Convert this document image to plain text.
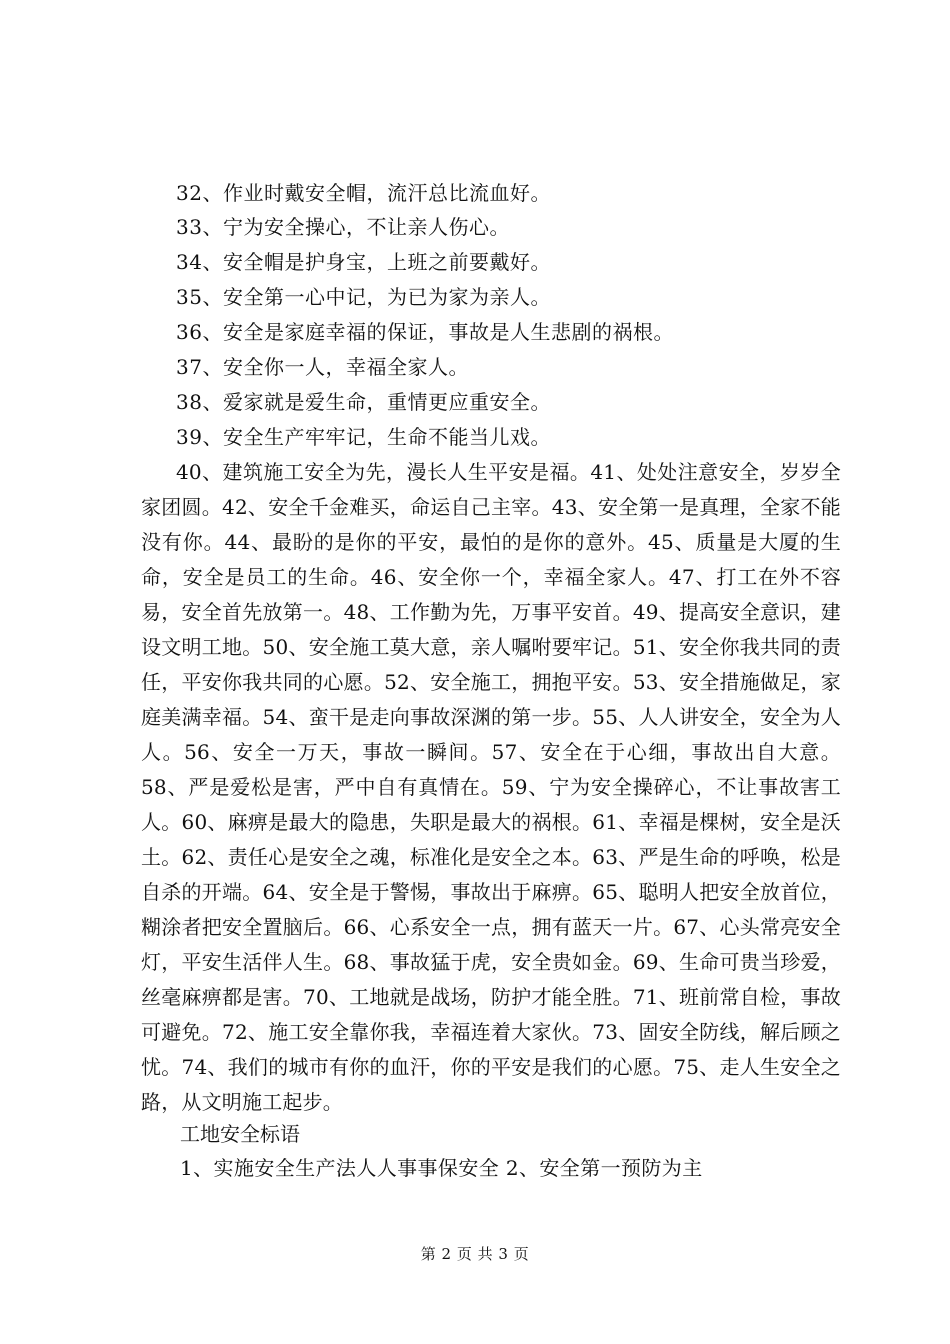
32、作业时戴安全帽，流汗总比流血好。
33、宁为安全操心，不让亲人伤心。
34、安全帽是护身宝，上班之前要戴好。
35、安全第一心中记，为已为家为亲人。
36、安全是家庭幸福的保证，事故是人生悲剧的祸根。
37、安全你一人，幸福全家人。
38、爱家就是爱生命，重情更应重安全。
39、安全生产牢牢记，生命不能当儿戏。
40、建筑施工安全为先，漫长人生平安是福。41、处处注意安全，岁岁全家团圆。42、安全千金难买，命运自己主宰。43、安全第一是真理，全家不能没有你。44、最盼的是你的平安，最怕的是你的意外。45、质量是大厦的生命，安全是员工的生命。46、安全你一个，幸福全家人。47、打工在外不容易，安全首先放第一。48、工作勤为先，万事平安首。49、提高安全意识，建设文明工地。50、安全施工莫大意，亲人嘱咐要牢记。51、安全你我共同的责任，平安你我共同的心愿。52、安全施工，拥抱平安。53、安全措施做足，家庭美满幸福。54、蛮干是走向事故深渊的第一步。55、人人讲安全，安全为人人。56、安全一万天，事故一瞬间。57、安全在于心细，事故出自大意。58、严是爱松是害，严中自有真情在。59、宁为安全操碎心，不让事故害工人。60、麻痹是最大的隐患，失职是最大的祸根。61、幸福是棵树，安全是沃土。62、责任心是安全之魂，标准化是安全之本。63、严是生命的呼唤，松是自杀的开端。64、安全是于警惕，事故出于麻痹。65、聪明人把安全放首位，糊涂者把安全置脑后。66、心系安全一点，拥有蓝天一片。67、心头常亮安全灯，平安生活伴人生。68、事故猛于虎，安全贵如金。69、生命可贵当珍爱，丝毫麻痹都是害。70、工地就是战场，防护才能全胜。71、班前常自检，事故可避免。72、施工安全靠你我，幸福连着大家伙。73、固安全防线，解后顾之忧。74、我们的城市有你的血汗，你的平安是我们的心愿。75、走人生安全之路，从文明施工起步。
工地安全标语
1、实施安全生产法人人事事保安全 2、安全第一预防为主
第 2 页 共 3 页
